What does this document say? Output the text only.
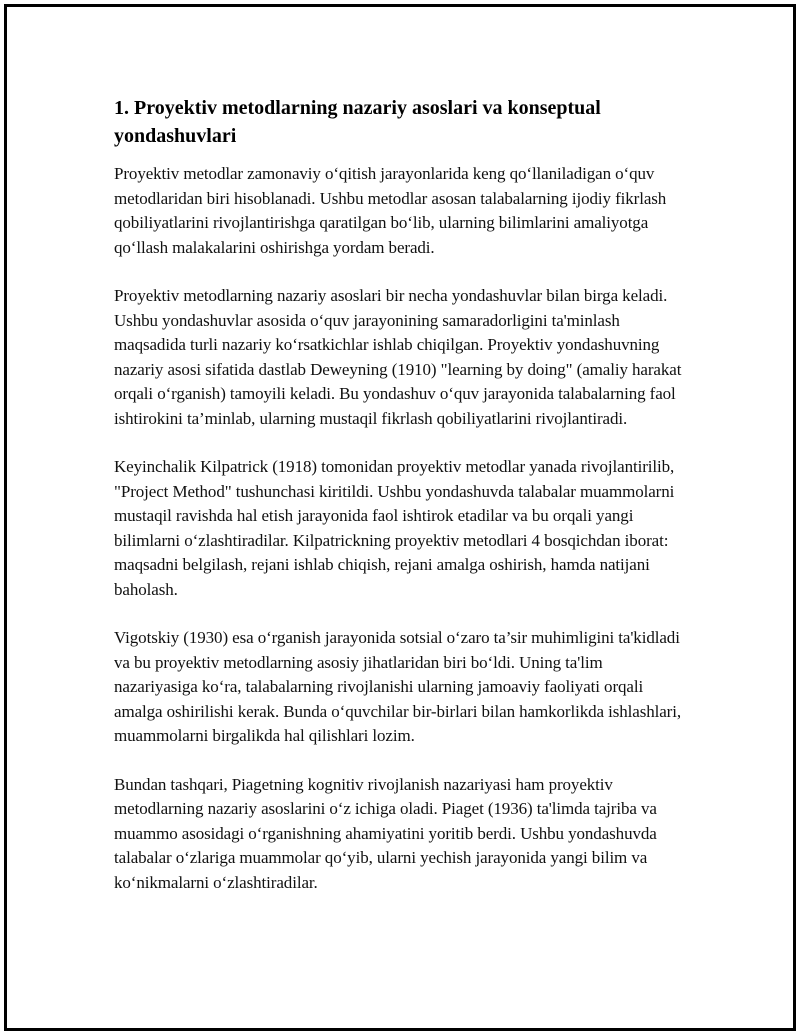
1. Proyektiv metodlarning nazariy asoslari va konseptual yondashuvlari

Proyektiv metodlar zamonaviy o‘qitish jarayonlarida keng qo‘llaniladigan o‘quv metodlaridan biri hisoblanadi. Ushbu metodlar asosan talabalarning ijodiy fikrlash qobiliyatlarini rivojlantirishga qaratilgan bo‘lib, ularning bilimlarini amaliyotga qo‘llash malakalarini oshirishga yordam beradi.

Proyektiv metodlarning nazariy asoslari bir necha yondashuvlar bilan birga keladi. Ushbu yondashuvlar asosida o‘quv jarayonining samaradorligini ta'minlash maqsadida turli nazariy ko‘rsatkichlar ishlab chiqilgan. Proyektiv yondashuvning nazariy asosi sifatida dastlab Deweyning (1910) "learning by doing" (amaliy harakat orqali o‘rganish) tamoyili keladi. Bu yondashuv o‘quv jarayonida talabalarning faol ishtirokini ta’minlab, ularning mustaqil fikrlash qobiliyatlarini rivojlantiradi.

Keyinchalik Kilpatrick (1918) tomonidan proyektiv metodlar yanada rivojlantirilib, "Project Method" tushunchasi kiritildi. Ushbu yondashuvda talabalar muammolarni mustaqil ravishda hal etish jarayonida faol ishtirok etadilar va bu orqali yangi bilimlarni o‘zlashtiradilar. Kilpatrickning proyektiv metodlari 4 bosqichdan iborat: maqsadni belgilash, rejani ishlab chiqish, rejani amalga oshirish, hamda natijani baholash.

Vigotskiy (1930) esa o‘rganish jarayonida sotsial o‘zaro ta’sir muhimligini ta'kidladi va bu proyektiv metodlarning asosiy jihatlaridan biri bo‘ldi. Uning ta'lim nazariyasiga ko‘ra, talabalarning rivojlanishi ularning jamoaviy faoliyati orqali amalga oshirilishi kerak. Bunda o‘quvchilar bir-birlari bilan hamkorlikda ishlashlari, muammolarni birgalikda hal qilishlari lozim.

Bundan tashqari, Piagetning kognitiv rivojlanish nazariyasi ham proyektiv metodlarning nazariy asoslarini o‘z ichiga oladi. Piaget (1936) ta'limda tajriba va muammo asosidagi o‘rganishning ahamiyatini yoritib berdi. Ushbu yondashuvda talabalar o‘zlariga muammolar qo‘yib, ularni yechish jarayonida yangi bilim va ko‘nikmalarni o‘zlashtiradilar.
